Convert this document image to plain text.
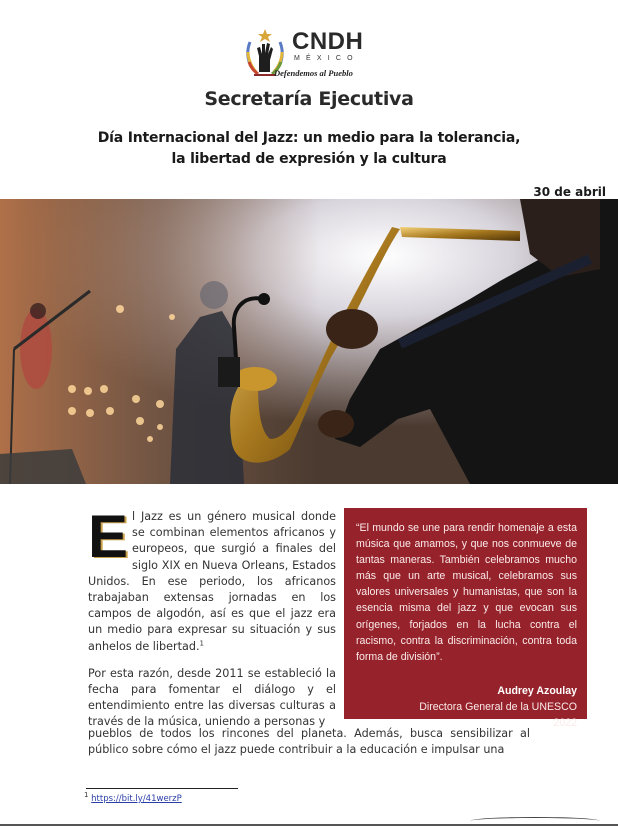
CNDH
MÉXICO
Defendemos al Pueblo
Secretaría Ejecutiva
Día Internacional del Jazz: un medio para la tolerancia,
la libertad de expresión y la cultura
30 de abril

El Jazz es un género musical donde se combinan elementos africanos y europeos, que surgió a finales del siglo XIX en Nueva Orleans, Estados Unidos. En ese periodo, los africanos trabajaban extensas jornadas en los campos de algodón, así es que el jazz era un medio para expresar su situación y sus anhelos de libertad.$^1$

Por esta razón, desde 2011 se estableció la fecha para fomentar el diálogo y el entendimiento entre las diversas culturas a través de la música, uniendo a personas y

pueblos de todos los rincones del planeta. Además, busca sensibilizar al público sobre cómo el jazz puede contribuir a la educación e impulsar una

“El mundo se une para rendir homenaje a esta música que amamos, y que nos conmueve de tantas maneras. También celebramos mucho más que un arte musical, celebramos sus valores universales y humanistas, que son la esencia misma del jazz y que evocan sus orígenes, forjados en la lucha contra el racismo, contra la discriminación, contra toda forma de división”.

Audrey Azoulay

Directora General de la UNESCO

2022

$^1$ https://bit.ly/41werzP
